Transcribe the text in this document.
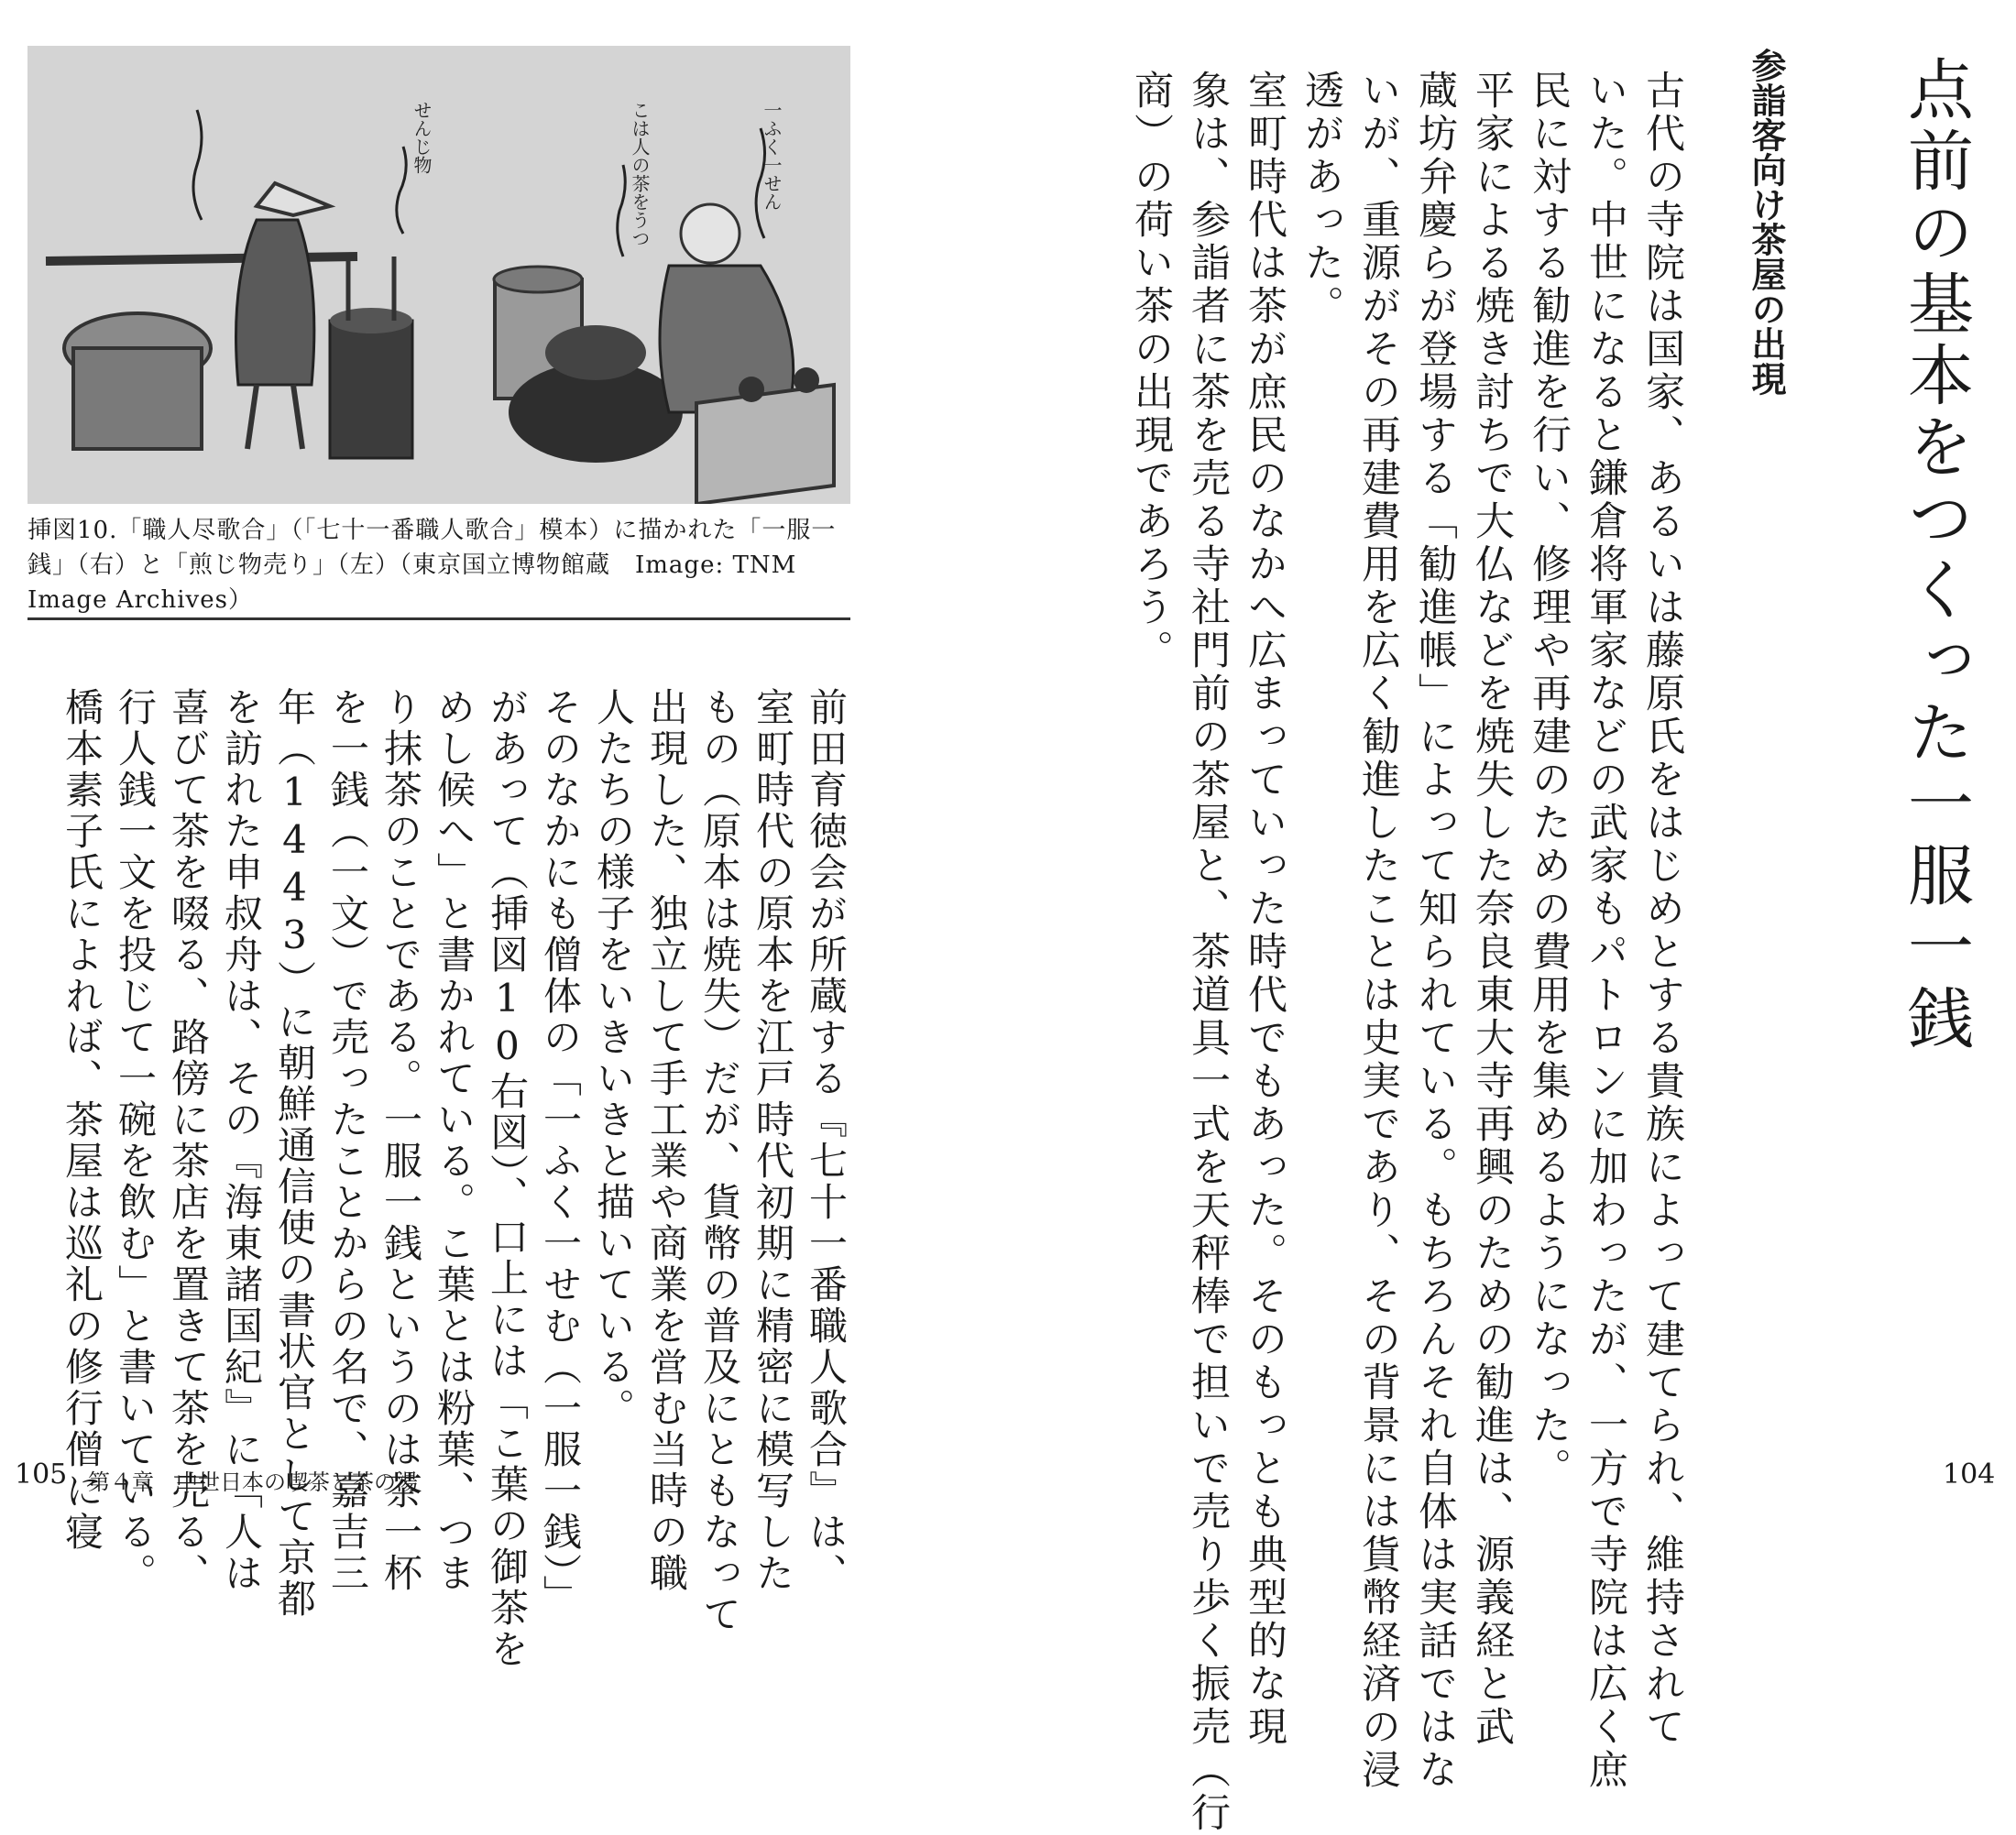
点前の基本をつくった一服一銭
参詣客向け茶屋の出現
古代の寺院は国家、あるいは藤原氏をはじめとする貴族によって建てられ、維持されて
いた。中世になると鎌倉将軍家などの武家もパトロンに加わったが、一方で寺院は広く庶
民に対する勧進を行い、修理や再建のための費用を集めるようになった。
平家による焼き討ちで大仏などを焼失した奈良東大寺再興のための勧進は、源義経と武
蔵坊弁慶らが登場する「勧進帳」によって知られている。もちろんそれ自体は実話ではな
いが、重源がその再建費用を広く勧進したことは史実であり、その背景には貨幣経済の浸
透があった。
室町時代は茶が庶民のなかへ広まっていった時代でもあった。そのもっとも典型的な現
象は、参詣者に茶を売る寺社門前の茶屋と、茶道具一式を天秤棒で担いで売り歩く振売（行
商）の荷い茶の出現であろう。
一ふく一せん
せんじ物	こは人の茶をうつ
挿図10.「職人尽歌合」（「七十一番職人歌合」模本）に描かれた「一服一銭」（右）と「煎じ物売り」（左）（東京国立博物館蔵　Image: TNM Image Archives）
前田育徳会が所蔵する『七十一番職人歌合』は、
室町時代の原本を江戸時代初期に精密に模写した
もの（原本は焼失）だが、貨幣の普及にともなって
出現した、独立して手工業や商業を営む当時の職
人たちの様子をいきいきと描いている。
そのなかにも僧体の「一ふく一せむ（一服一銭）」
があって（挿図10右図）、口上には「こ葉の御茶を
めし候へ」と書かれている。こ葉とは粉葉、つま
り抹茶のことである。一服一銭というのは茶一杯
を一銭（一文）で売ったことからの名で、嘉吉三
年（1443）に朝鮮通信使の書状官として京都
を訪れた申叔舟は、その『海東諸国紀』に「人は
喜びて茶を啜る、路傍に茶店を置きて茶を売る、
行人銭一文を投じて一碗を飲む」と書いている。
橋本素子氏によれば、茶屋は巡礼の修行僧に寝
105 第４章　中世日本の喫茶と茶の湯	104
